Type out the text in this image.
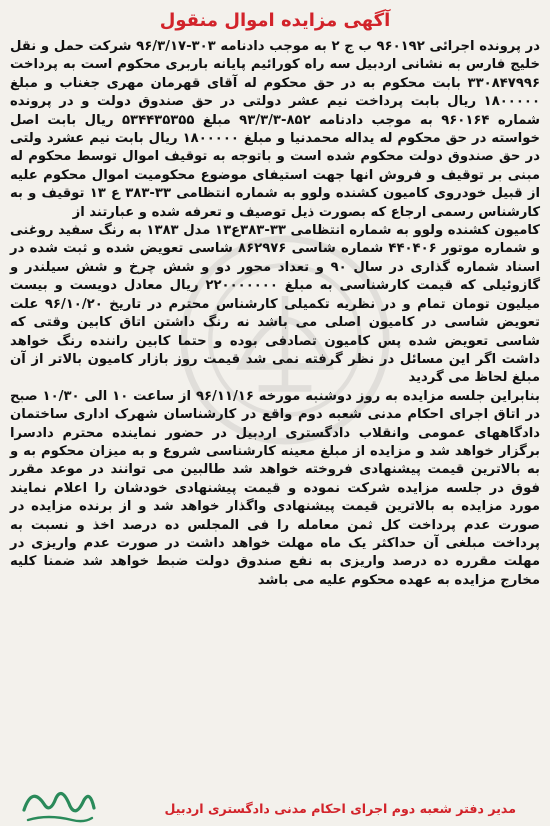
آگهی مزایده اموال منقول

در پرونده اجرائی ۹۶۰۱۹۲ ب ج ۲ به موجب دادنامه ۳۰۳-۹۶/۳/۱۷ شرکت حمل و نقل خلیج فارس به نشانی اردبیل سه راه کورائیم پایانه باربری محکوم است به پرداخت ۳۳۰۸۴۷۹۹۶ بابت محکوم به در حق محکوم له آقای قهرمان مهری جغناب و مبلغ ۱۸۰۰۰۰۰ ریال بابت پرداخت نیم عشر دولتی در حق صندوق دولت و در پرونده شماره ۹۶۰۱۶۴ به موجب دادنامه ۸۵۲-۹۳/۳/۳ مبلغ ۵۳۴۴۳۵۳۵۵ ریال بابت اصل خواسته در حق محکوم له یداله محمدنیا و مبلغ ۱۸۰۰۰۰۰ ریال بابت نیم عشرد ولتی در حق صندوق دولت محکوم شده است و باتوجه به توقیف اموال توسط محکوم له مبنی بر توقیف و فروش انها جهت استیفای موضوع محکومیت اموال محکوم علیه از قبیل خودروی کامیون کشنده ولوو به شماره انتظامی ۳۳-۳۸۳ ع ۱۳ توقیف و به کارشناس رسمی ارجاع که بصورت ذیل توصیف و تعرفه شده و عبارتند از

کامیون کشنده ولوو به شماره انتظامی ۳۳-۳۸۳ع۱۳ مدل ۱۳۸۳ به رنگ سفید روغنی و شماره موتور ۴۴۰۴۰۶ شماره شاسی ۸۶۲۹۷۶ شاسی تعویض شده و ثبت شده در اسناد شماره گذاری در سال ۹۰ و تعداد محور دو و شش چرخ و شش سیلندر و گازوئیلی که قیمت کارشناسی به مبلغ ۲۲۰۰۰۰۰۰۰ ریال معادل دویست و بیست میلیون تومان تمام و در نظریه تکمیلی کارشناس محترم در تاریخ ۹۶/۱۰/۲۰ علت تعویض شاسی در کامیون اصلی می باشد نه رنگ داشتن اتاق کابین وقتی که شاسی تعویض شده پس کامیون تصادفی بوده و حتما کابین راننده رنگ خواهد داشت اگر این مسائل در نظر گرفته نمی شد قیمت روز بازار کامیون بالاتر از آن مبلغ لحاظ می گردید

بنابراین جلسه مزایده به روز دوشنبه مورخه ۹۶/۱۱/۱۶ از ساعت ۱۰ الی ۱۰/۳۰ صبح در اتاق اجرای احکام مدنی شعبه دوم واقع در کارشناسان شهرک اداری ساختمان دادگاههای عمومی وانقلاب دادگستری اردبیل در حضور نماینده محترم دادسرا برگزار خواهد شد و مزایده از مبلغ معینه کارشناسی شروع و به میزان محکوم به و به بالاترین قیمت پیشنهادی فروخته خواهد شد طالبین می توانند در موعد مقرر فوق در جلسه مزایده شرکت نموده و قیمت پیشنهادی خودشان را اعلام نمایند مورد مزایده به بالاترین قیمت پیشنهادی واگذار خواهد شد و از برنده مزایده در صورت عدم پرداخت کل ثمن معامله را فی المجلس ده درصد اخذ و نسبت به پرداخت مبلغی آن حداکثر یک ماه مهلت خواهد داشت در صورت عدم واریزی در مهلت مقرره ده درصد واریزی به نفع صندوق دولت ضبط خواهد شد ضمنا کلیه مخارج مزایده به عهده محکوم علیه می باشد

مدیر دفتر شعبه دوم اجرای احکام مدنی دادگستری اردبیل
